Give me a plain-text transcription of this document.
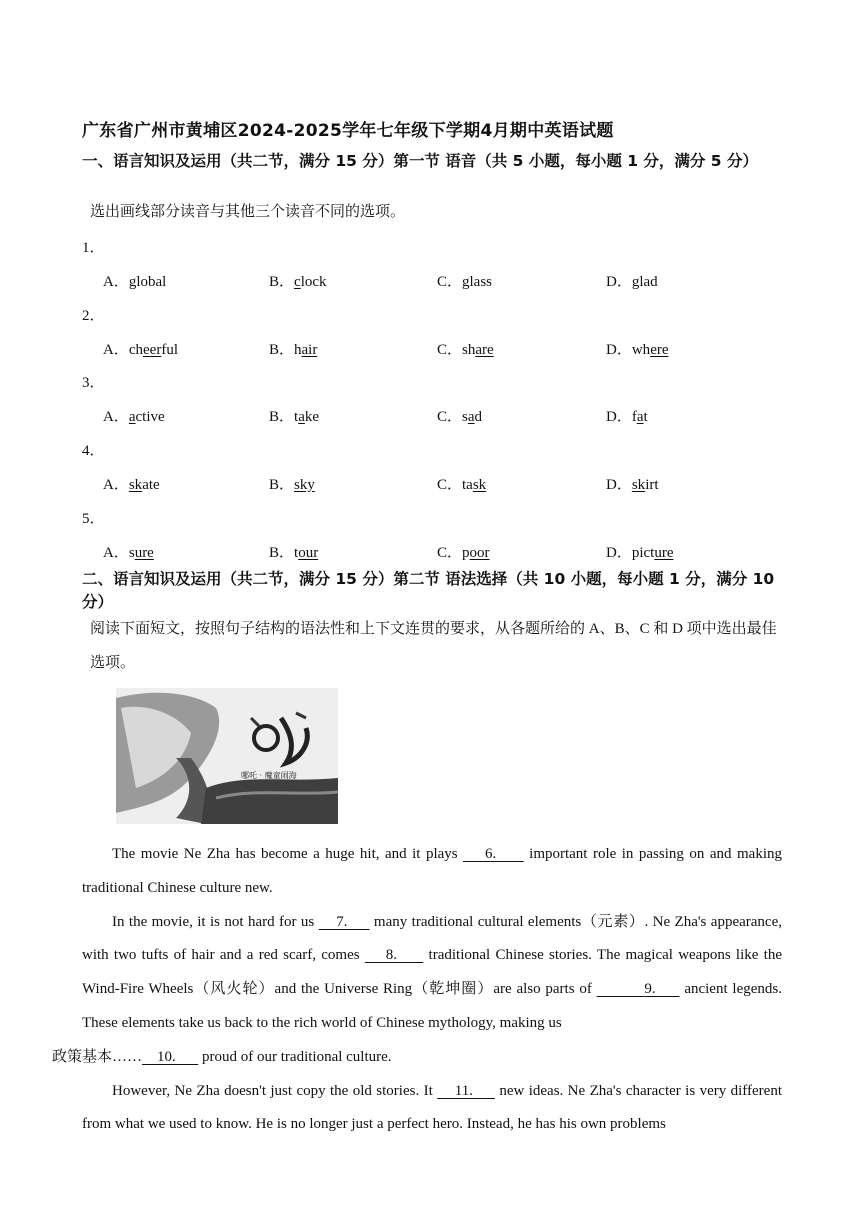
广东省广州市黄埔区2024-2025学年七年级下学期4月期中英语试题
一、语言知识及运用（共二节，满分 15 分）第一节 语音（共 5 小题，每小题 1 分，满分 5 分）
选出画线部分读音与其他三个读音不同的选项。
1．
A．global	B．clock	C．glass	D．glad
2．
A．cheerful	B．hair	C．share	D．where
3．
A．active	B．take	C．sad	D．fat
4．
A．skate	B．sky	C．task	D．skirt
5．
A．sure	B．tour	C．poor	D．picture
二、语言知识及运用（共二节，满分 15 分）第二节 语法选择（共 10 小题，每小题 1 分，满分 10 分）
阅读下面短文，按照句子结构的语法性和上下文连贯的要求，从各题所给的 A、B、C 和 D 项中选出最佳选项。
哪吒 · 魔童闹海

The movie Ne Zha has become a huge hit, and it plays     6.      important role in passing on and making traditional Chinese culture new.

In the movie, it is not hard for us     7.      many traditional cultural elements（元素）. Ne Zha's appearance, with two tufts of hair and a red scarf, comes     8.      traditional Chinese stories. The magical weapons like the Wind-Fire Wheels（风火轮）and the Universe Ring（乾坤圈）are also parts of           9.      ancient legends. These elements take us back to the rich world of Chinese mythology, making us
政策基本……    10.       proud of our traditional culture.

However, Ne Zha doesn't just copy the old stories. It     11.      new ideas. Ne Zha's character is very different from what we used to know. He is no longer just a perfect hero. Instead, he has his own problems
